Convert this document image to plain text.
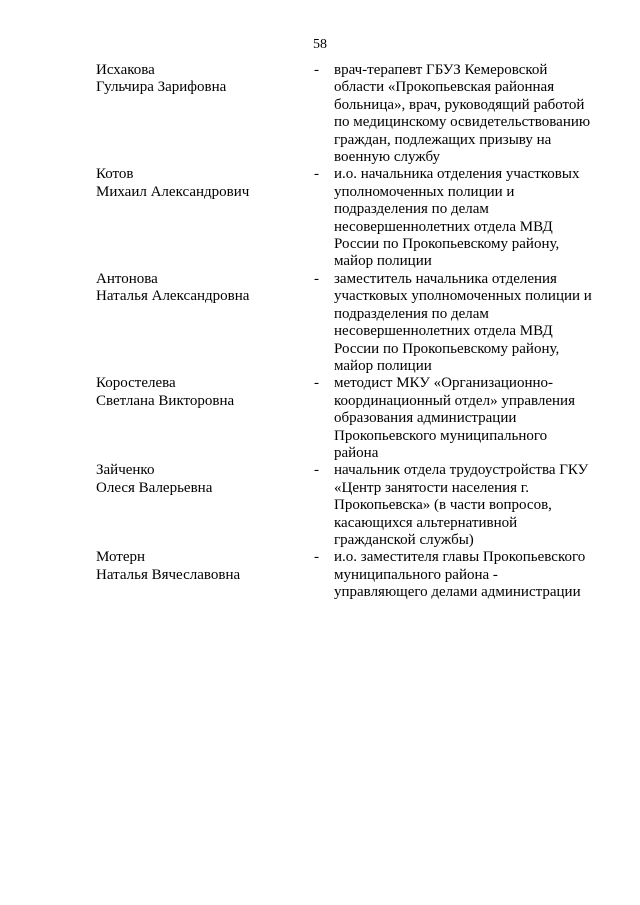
58
Исхакова
Гульчира Зарифовна
-	врач-терапевт ГБУЗ Кемеровской области «Прокопьевская районная больница», врач, руководящий работой по медицинскому освидетельствованию граждан, подлежащих призыву на военную службу
Котов
Михаил Александрович
-	и.о. начальника отделения участковых уполномоченных полиции и подразделения по делам несовершеннолетних отдела МВД России по Прокопьевскому району, майор полиции
Антонова
Наталья Александровна
-	заместитель начальника отделения участковых уполномоченных полиции и подразделения по делам несовершеннолетних отдела МВД России по Прокопьевскому району, майор полиции
Коростелева
Светлана Викторовна
-	методист МКУ «Организационно-координационный отдел» управления образования администрации Прокопьевского муниципального района
Зайченко
Олеся Валерьевна
-	начальник отдела трудоустройства ГКУ «Центр занятости населения г. Прокопьевска» (в части вопросов, касающихся альтернативной гражданской службы)
Мотерн
Наталья Вячеславовна
-	и.о. заместителя главы Прокопьевского муниципального района - управляющего делами администрации
